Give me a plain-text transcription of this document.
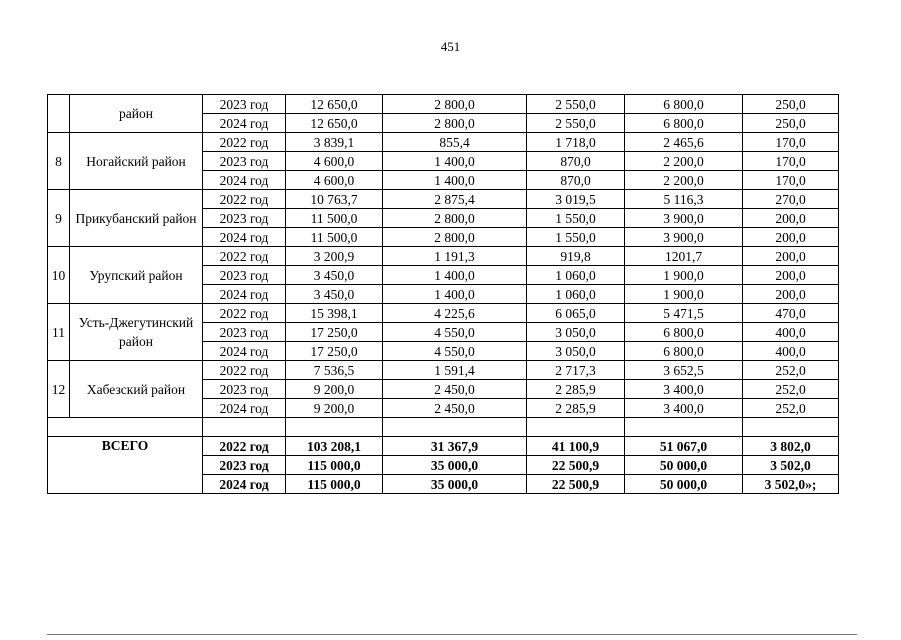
451
	район	2023 год	12 650,0	2 800,0	2 550,0	6 800,0	250,0
		2024 год	12 650,0	2 800,0	2 550,0	6 800,0	250,0
8	Ногайский район	2022 год	3 839,1	855,4	1 718,0	2 465,6	170,0
		2023 год	4 600,0	1 400,0	870,0	2 200,0	170,0
		2024 год	4 600,0	1 400,0	870,0	2 200,0	170,0
9	Прикубанский район	2022 год	10 763,7	2 875,4	3 019,5	5 116,3	270,0
		2023 год	11 500,0	2 800,0	1 550,0	3 900,0	200,0
		2024 год	11 500,0	2 800,0	1 550,0	3 900,0	200,0
10	Урупский район	2022 год	3 200,9	1 191,3	919,8	1201,7	200,0
		2023 год	3 450,0	1 400,0	1 060,0	1 900,0	200,0
		2024 год	3 450,0	1 400,0	1 060,0	1 900,0	200,0
11	Усть-Джегутинский район	2022 год	15 398,1	4 225,6	6 065,0	5 471,5	470,0
		2023 год	17 250,0	4 550,0	3 050,0	6 800,0	400,0
		2024 год	17 250,0	4 550,0	3 050,0	6 800,0	400,0
12	Хабезский район	2022 год	7 536,5	1 591,4	2 717,3	3 652,5	252,0
		2023 год	9 200,0	2 450,0	2 285,9	3 400,0	252,0
		2024 год	9 200,0	2 450,0	2 285,9	3 400,0	252,0

ВСЕГО		2022 год	103 208,1	31 367,9	41 100,9	51 067,0	3 802,0
		2023 год	115 000,0	35 000,0	22 500,9	50 000,0	3 502,0
		2024 год	115 000,0	35 000,0	22 500,9	50 000,0	3 502,0»;
